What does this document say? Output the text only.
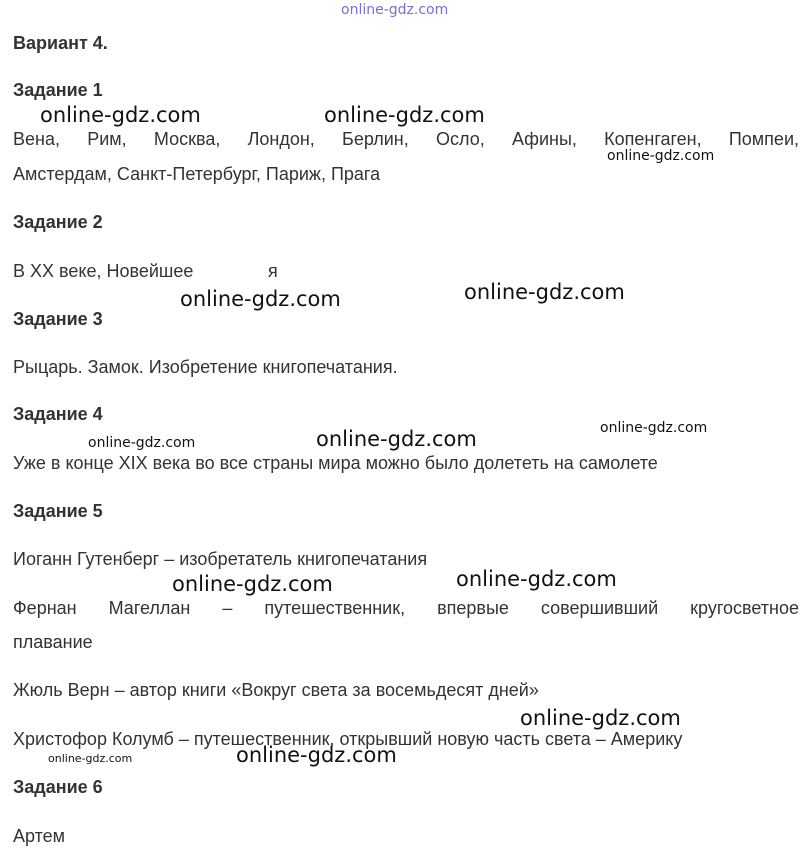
online-gdz.com
Вариант 4.
Задание 1
Вена, Рим, Москва, Лондон, Берлин, Осло, Афины, Копенгаген, Помпеи,
Амстердам, Санкт-Петербург, Париж, Прага
Задание 2
В XX веке, Новейшее	я
Задание 3
Рыцарь. Замок. Изобретение книгопечатания.
Задание 4
Уже в конце XIX века во все страны мира можно было долететь на самолете
Задание 5
Иоганн Гутенберг – изобретатель книгопечатания
Фернан Магеллан – путешественник, впервые совершивший кругосветное
плавание
Жюль Верн – автор книги «Вокруг света за восемьдесят дней»
Христофор Колумб – путешественник, открывший новую часть света – Америку
Задание 6
Артем
online-gdz.com	online-gdz.com
online-gdz.com
online-gdz.com
online-gdz.com
online-gdz.com
online-gdz.com
online-gdz.com
online-gdz.com
online-gdz.com
online-gdz.com
online-gdz.com
online-gdz.com
